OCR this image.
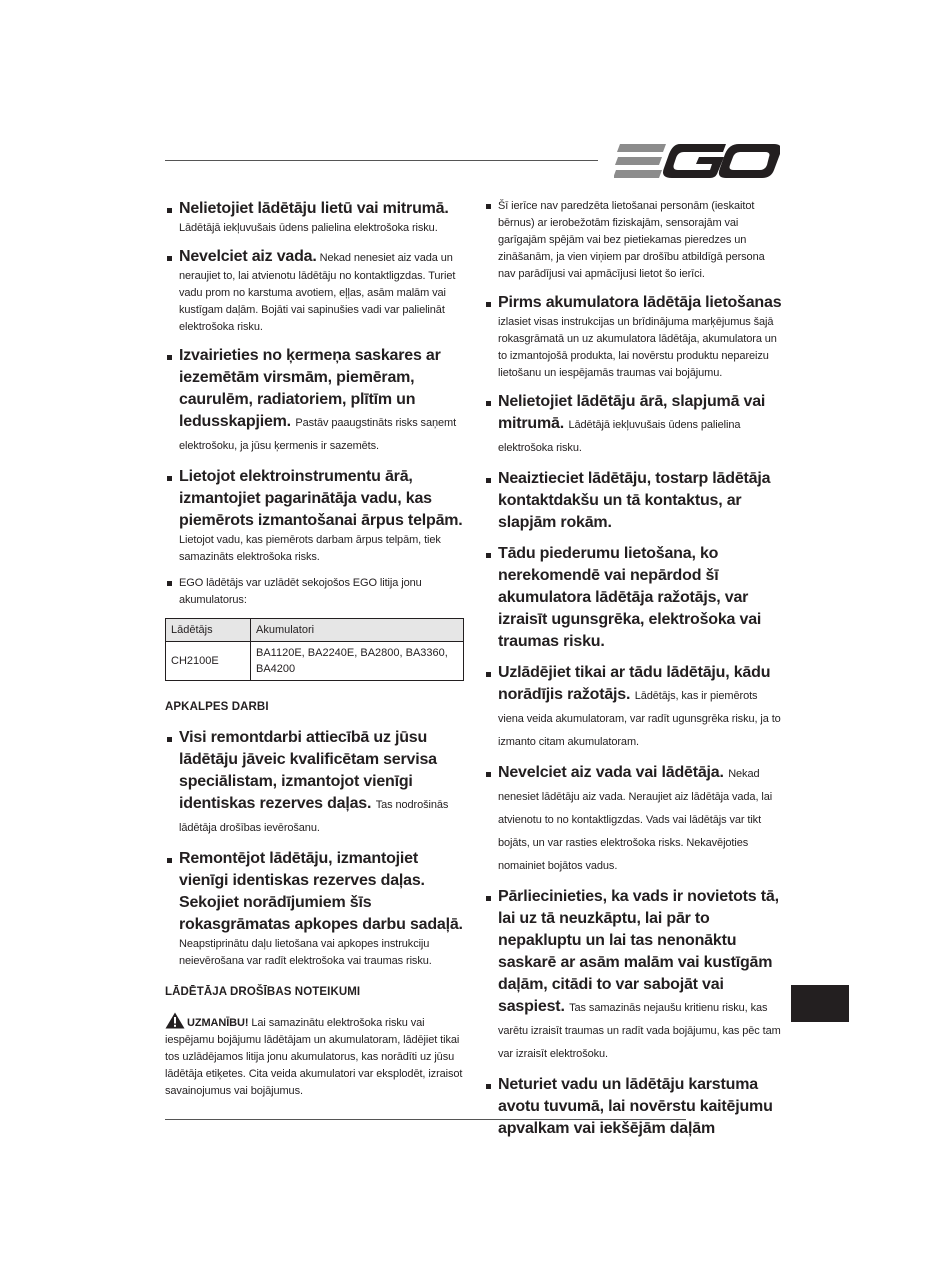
Nelietojiet lādētāju lietū vai mitrumā.
Lādētājā iekļuvušais ūdens palielina elektrošoka risku.
Nevelciet aiz vada. Nekad nenesiet aiz vada un neraujiet to, lai atvienotu lādētāju no kontaktligzdas. Turiet vadu prom no karstuma avotiem, eļļas, asām malām vai kustīgam daļām. Bojāti vai sapinušies vadi var palielināt elektrošoka risku.
Izvairieties no ķermeņa saskares ar iezemētām virsmām, piemēram, caurulēm, radiatoriem, plītīm un ledusskapjiem. Pastāv paaugstināts risks saņemt elektrošoku, ja jūsu ķermenis ir sazemēts.
Lietojot elektroinstrumentu ārā, izmantojiet pagarinātāja vadu, kas piemērots izmantošanai ārpus telpām.
Lietojot vadu, kas piemērots darbam ārpus telpām, tiek samazināts elektrošoka risks.
EGO lādētājs var uzlādēt sekojošos EGO litija jonu akumulatorus:
Lādētājs	Akumulatori
CH2100E	BA1120E, BA2240E, BA2800, BA3360, BA4200
APKALPES DARBI
Visi remontdarbi attiecībā uz jūsu lādētāju jāveic kvalificētam servisa speciālistam, izmantojot vienīgi identiskas rezerves daļas. Tas nodrošinās lādētāja drošības ievērošanu.
Remontējot lādētāju, izmantojiet vienīgi identiskas rezerves daļas. Sekojiet norādījumiem šīs rokasgrāmatas apkopes darbu sadaļā.
Neapstiprinātu daļu lietošana vai apkopes instrukciju neievērošana var radīt elektrošoka vai traumas risku.
LĀDĒTĀJA DROŠĪBAS NOTEIKUMI
UZMANĪBU! Lai samazinātu elektrošoka risku vai iespējamu bojājumu lādētājam un akumulatoram, lādējiet tikai tos uzlādējamos litija jonu akumulatorus, kas norādīti uz jūsu lādētāja etiķetes. Cita veida akumulatori var eksplodēt, izraisot savainojumus vai bojājumus.
Šī ierīce nav paredzēta lietošanai personām (ieskaitot bērnus) ar ierobežotām fiziskajām, sensorajām vai garīgajām spējām vai bez pietiekamas pieredzes un zināšanām, ja vien viņiem par drošību atbildīgā persona nav parādījusi vai apmācījusi lietot šo ierīci.
Pirms akumulatora lādētāja lietošanas
izlasiet visas instrukcijas un brīdinājuma marķējumus šajā rokasgrāmatā un uz akumulatora lādētāja, akumulatora un to izmantojošā produkta, lai novērstu produktu nepareizu lietošanu un iespējamās traumas vai bojājumu.
Nelietojiet lādētāju ārā, slapjumā vai mitrumā. Lādētājā iekļuvušais ūdens palielina elektrošoka risku.
Neaiztieciet lādētāju, tostarp lādētāja kontaktdakšu un tā kontaktus, ar slapjām rokām.
Tādu piederumu lietošana, ko nerekomendē vai nepārdod šī akumulatora lādētāja ražotājs, var izraisīt ugunsgrēka, elektrošoka vai traumas risku.
Uzlādējiet tikai ar tādu lādētāju, kādu norādījis ražotājs. Lādētājs, kas ir piemērots viena veida akumulatoram, var radīt ugunsgrēka risku, ja to izmanto citam akumulatoram.
Nevelciet aiz vada vai lādētāja. Nekad nenesiet lādētāju aiz vada. Neraujiet aiz lādētāja vada, lai atvienotu to no kontaktligzdas. Vads vai lādētājs var tikt bojāts, un var rasties elektrošoka risks. Nekavējoties nomainiet bojātos vadus.
Pārliecinieties, ka vads ir novietots tā, lai uz tā neuzkāptu, lai pār to nepakluptu un lai tas nenonāktu saskarē ar asām malām vai kustīgām daļām, citādi to var sabojāt vai saspiest. Tas samazinās nejaušu kritienu risku, kas varētu izraisīt traumas un radīt vada bojājumu, kas pēc tam var izraisīt elektrošoku.
Neturiet vadu un lādētāju karstuma avotu tuvumā, lai novērstu kaitējumu apvalkam vai iekšējām daļām
